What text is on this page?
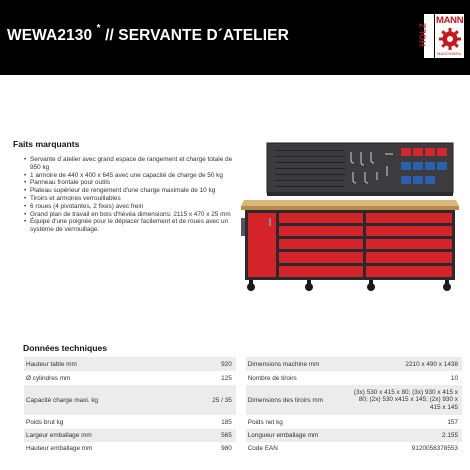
WEWA2130 * // SERVANTE D´ATELIER	HOLZ
MANN
MASCHINEN
Faits marquants
• Servante d´atelier avec grand espace de rangement et charge totale de 950 kg
• 1 armoire de 440 x 400 x 645 avec une capacité de charge de 50 kg
• Panneau frontale pour outils
• Plateau supérieur de rengement d'une charge maximale de 10 kg
• Tiroirs et armoires verrouillables
• 6 roues (4 pivotantes, 2 fixes) avec frein
• Grand plan de travail en bois d'hévéa dimensions: 2115 x 470 x 25 mm
• Équipé d'une poignée pour le déplacer facilement et de roues avec un système de verrouillage.
Données techniques
Hauteur table mm	920		Dimensions machine mm	2210 x 490 x 1438
Ø cylindres mm	125		Nombre de tiroirs	10
Capacité charge maxi. kg	25 / 35		Dimensions des tiroirs mm	(3x) 530 x 415 x 80; (3x) 930 x 415 x 80; (2x) 530 x415 x 145; (2x) 930 x 415 x 145
Poids brut kg	185		Poids net kg	157
Largeur emballage mm	565		Longueur emballage mm	2.155
Hauteur emballage mm	980		Code EAN	9120058378553
